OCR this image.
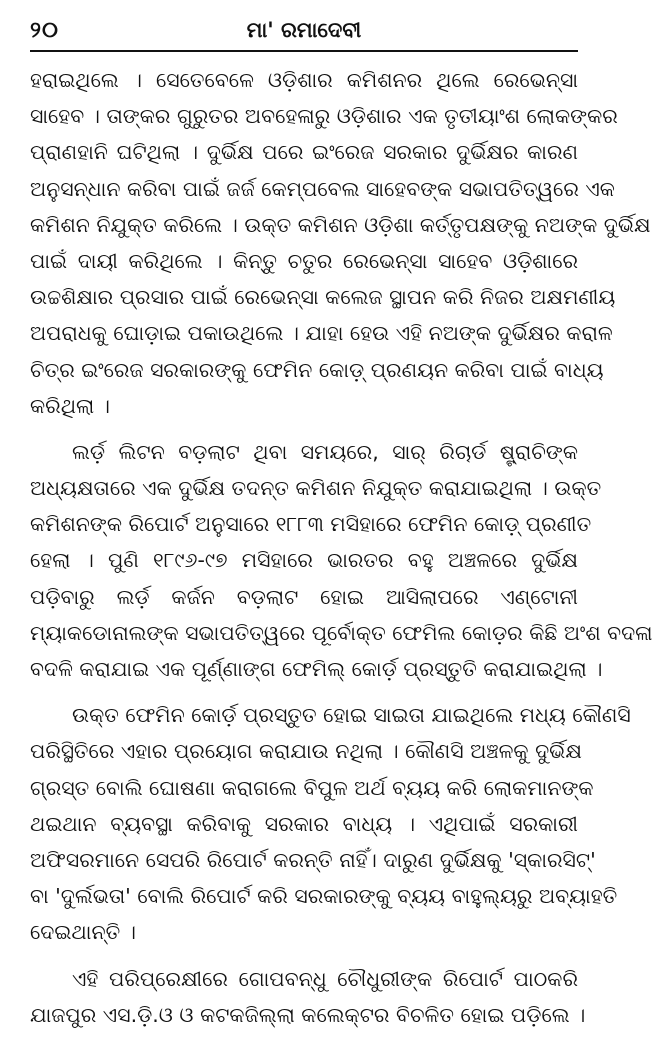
୨୦	ମା' ରମାଦେବୀ
ହରାଇଥିଲେ । ସେତେବେଳେ ଓଡ଼ିଶାର କମିଶନର ଥିଲେ ରେଭେନ୍‌ସା
ସାହେବ । ତାଙ୍କର ଗୁରୁତର ଅବହେଳାରୁ ଓଡ଼ିଶାର ଏକ ତୃତୀୟାଂଶ ଲୋକଙ୍କର
ପ୍ରାଣହାନି ଘଟିଥିଲା । ଦୁର୍ଭିକ୍ଷ ପରେ ଇଂରେଜ ସରକାର ଦୁର୍ଭିକ୍ଷର କାରଣ
ଅନୁସନ୍ଧାନ କରିବା ପାଇଁ ଜର୍ଜ କେମ୍ପବେଲ ସାହେବଙ୍କ ସଭାପତିତ୍ୱରେ ଏକ
କମିଶନ ନିଯୁକ୍ତ କରିଲେ । ଉକ୍ତ କମିଶନ ଓଡ଼ିଶା କର୍ତ୍ତୃପକ୍ଷଙ୍କୁ ନଅଙ୍କ ଦୁର୍ଭିକ୍ଷ
ପାଇଁ ଦାୟୀ କରିଥିଲେ । କିନ୍ତୁ ଚତୁର ରେଭେନ୍‌ସା ସାହେବ ଓଡ଼ିଶାରେ
ଉଚ୍ଚଶିକ୍ଷାର ପ୍ରସାର ପାଇଁ ରେଭେନ୍‌ସା କଲେଜ ସ୍ଥାପନ କରି ନିଜର ଅକ୍ଷମଣୀୟ
ଅପରାଧକୁ ଘୋଡ଼ାଇ ପକାଉଥିଲେ । ଯାହା ହେଉ ଏହି ନଅଙ୍କ ଦୁର୍ଭିକ୍ଷର କରାଳ
ଚିତ୍ର ଇଂରେଜ ସରକାରଙ୍କୁ ଫେମିନ କୋଡ଼୍ ପ୍ରଣୟନ କରିବା ପାଇଁ ବାଧ୍ୟ
କରିଥିଲା ।
ଲର୍ଡ଼ ଲିଟନ ବଡ଼ଲାଟ ଥିବା ସମୟରେ, ସାର୍ ରିଚାର୍ଡ ଷ୍ଟ୍ରାଚିଙ୍କ
ଅଧ୍ୟକ୍ଷତାରେ ଏକ ଦୁର୍ଭିକ୍ଷ ତଦନ୍ତ କମିଶନ ନିଯୁକ୍ତ କରାଯାଇଥିଲା । ଉକ୍ତ
କମିଶନଙ୍କ ରିପୋର୍ଟ ଅନୁସାରେ ୧୮୮୩ ମସିହାରେ ଫେମିନ କୋଡ଼୍ ପ୍ରଣୀତ
ହେଲା । ପୁଣି ୧୮୯୬-୯୭ ମସିହାରେ ଭାରତର ବହୁ ଅଞ୍ଚଳରେ ଦୁର୍ଭିକ୍ଷ
ପଡ଼ିବାରୁ ଲର୍ଡ଼ କର୍ଜନ ବଡ଼ଲାଟ ହୋଇ ଆସିଲାପରେ ଏଣ୍ଟୋନୀ
ମ୍ୟାକଡୋନାଲଙ୍କ ସଭାପତିତ୍ୱରେ ପୂର୍ବୋକ୍ତ ଫେମିଲ କୋଡ଼ର କିଛି ଅଂଶ ବଦଳା
ବଦଳି କରାଯାଇ ଏକ ପୂର୍ଣ୍ଣାଙ୍ଗ ଫେମିଲ୍ କୋର୍ଡ଼ ପ୍ରସ୍ତୁତି କରାଯାଇଥିଲା ।
ଉକ୍ତ ଫେମିନ କୋର୍ଡ଼ ପ୍ରସ୍ତୁତ ହୋଇ ସାଇତା ଯାଇଥିଲେ ମଧ୍ୟ କୌଣସି
ପରିସ୍ଥିତିରେ ଏହାର ପ୍ରୟୋଗ କରାଯାଉ ନଥିଲା । କୌଣସି ଅଞ୍ଚଳକୁ ଦୁର୍ଭିକ୍ଷ
ଗ୍ରସ୍ତ ବୋଲି ଘୋଷଣା କରାଗଲେ ବିପୁଳ ଅର୍ଥ ବ୍ୟୟ କରି ଲୋକମାନଙ୍କ
ଥଇଥାନ ବ୍ୟବସ୍ଥା କରିବାକୁ ସରକାର ବାଧ୍ୟ । ଏଥିପାଇଁ ସରକାରୀ
ଅଫିସରମାନେ ସେପରି ରିପୋର୍ଟ କରନ୍ତି ନାହିଁ। ଦାରୁଣ ଦୁର୍ଭିକ୍ଷକୁ 'ସ୍କାରସିଟ୍'
ବା 'ଦୁର୍ଲଭତା' ବୋଲି ରିପୋର୍ଟ କରି ସରକାରଙ୍କୁ ବ୍ୟୟ ବାହୁଲ୍ୟରୁ ଅବ୍ୟାହତି
ଦେଇଥାନ୍ତି ।
ଏହି ପରିପ୍ରେକ୍ଷୀରେ ଗୋପବନ୍ଧୁ ଚୌଧୁରୀଙ୍କ ରିପୋର୍ଟ ପାଠକରି
ଯାଜପୁର ଏସ.ଡ଼ି.ଓ ଓ କଟକଜିଲ୍ଲା କଲେକ୍ଟର ବିଚଳିତ ହୋଇ ପଡ଼ିଲେ ।
